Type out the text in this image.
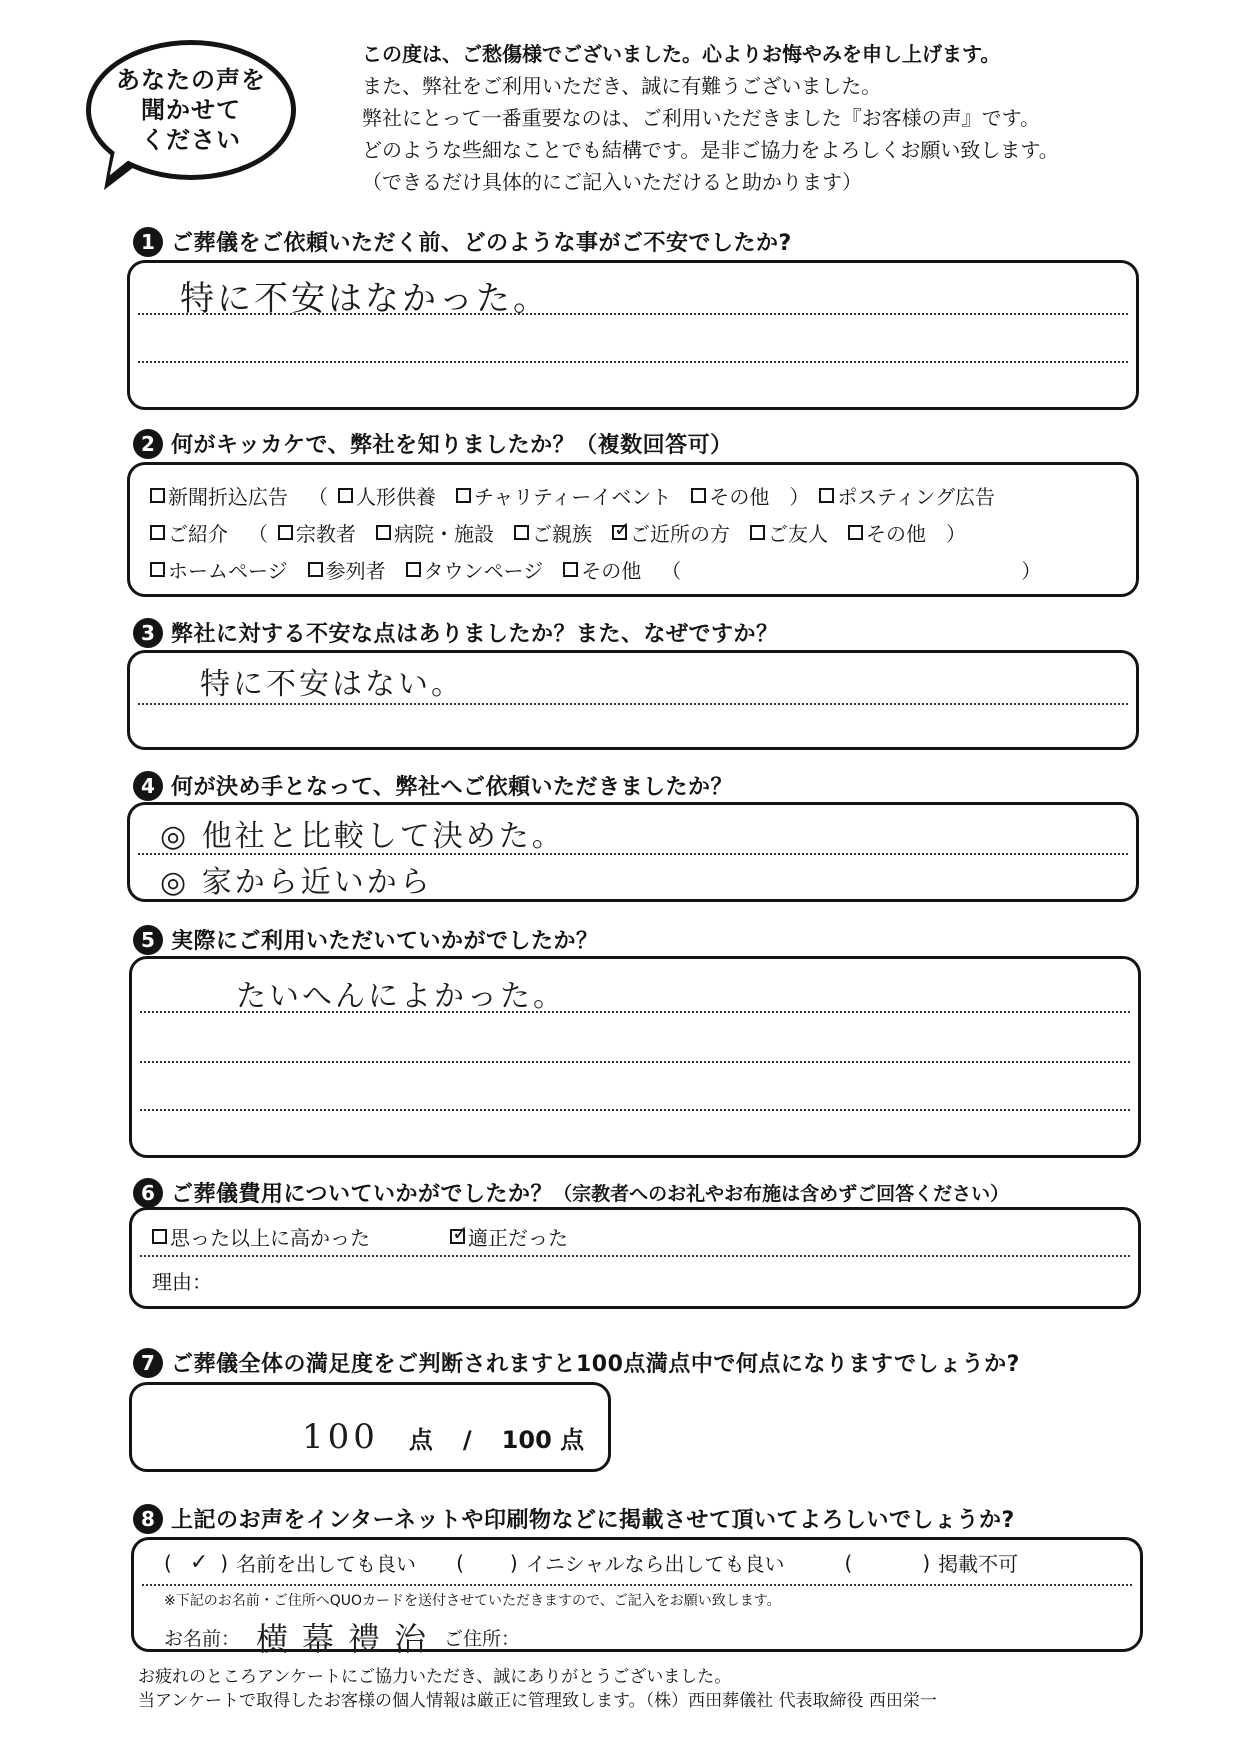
あなたの声を
聞かせて
ください

この度は、ご愁傷様でございました。心よりお悔やみを申し上げます。

また、弊社をご利用いただき、誠に有難うございました。

弊社にとって一番重要なのは、ご利用いただきました『お客様の声』です。

どのような些細なことでも結構です。是非ご協力をよろしくお願い致します。

（できるだけ具体的にご記入いただけると助かります）

1 ご葬儀をご依頼いただく前、どのような事がご不安でしたか?
特に不安はなかった。
2 何がキッカケで、弊社を知りましたか？（複数回答可）
新聞折込広告 （ 人形供養 チャリティーイベント その他 ） ポスティング広告
ご紹介 （ 宗教者 病院・施設 ご親族 ✓ ご近所の方 ご友人 その他 ）
ホームページ 参列者 タウンページ その他 （	）
3 弊社に対する不安な点はありましたか？また、なぜですか？
特に不安はない。
4 何が決め手となって、弊社へご依頼いただきましたか？
◎ 他社と比較して決めた。
◎ 家から近いから
5 実際にご利用いただいていかがでしたか？
たいへんによかった。
6 ご葬儀費用についていかがでしたか？ （宗教者へのお礼やお布施は含めずご回答ください）
思った以上に高かった ✓	適正だった
理由：
7 ご葬儀全体の満足度をご判断されますと100点満点中で何点になりますでしょうか?
100 点 / 100 点
8 上記のお声をインターネットや印刷物などに掲載させて頂いてよろしいでしょうか?
( ✓ ) 名前を出しても良い ( ) イニシャルなら出しても良い	(	) 掲載不可
※下記のお名前・ご住所へQUOカードを送付させていただきますので、ご記入をお願い致します。
お名前： 横幕禮治 ご住所：
お疲れのところアンケートにご協力いただき、誠にありがとうございました。
当アンケートで取得したお客様の個人情報は厳正に管理致します。（株）西田葬儀社 代表取締役 西田栄一
